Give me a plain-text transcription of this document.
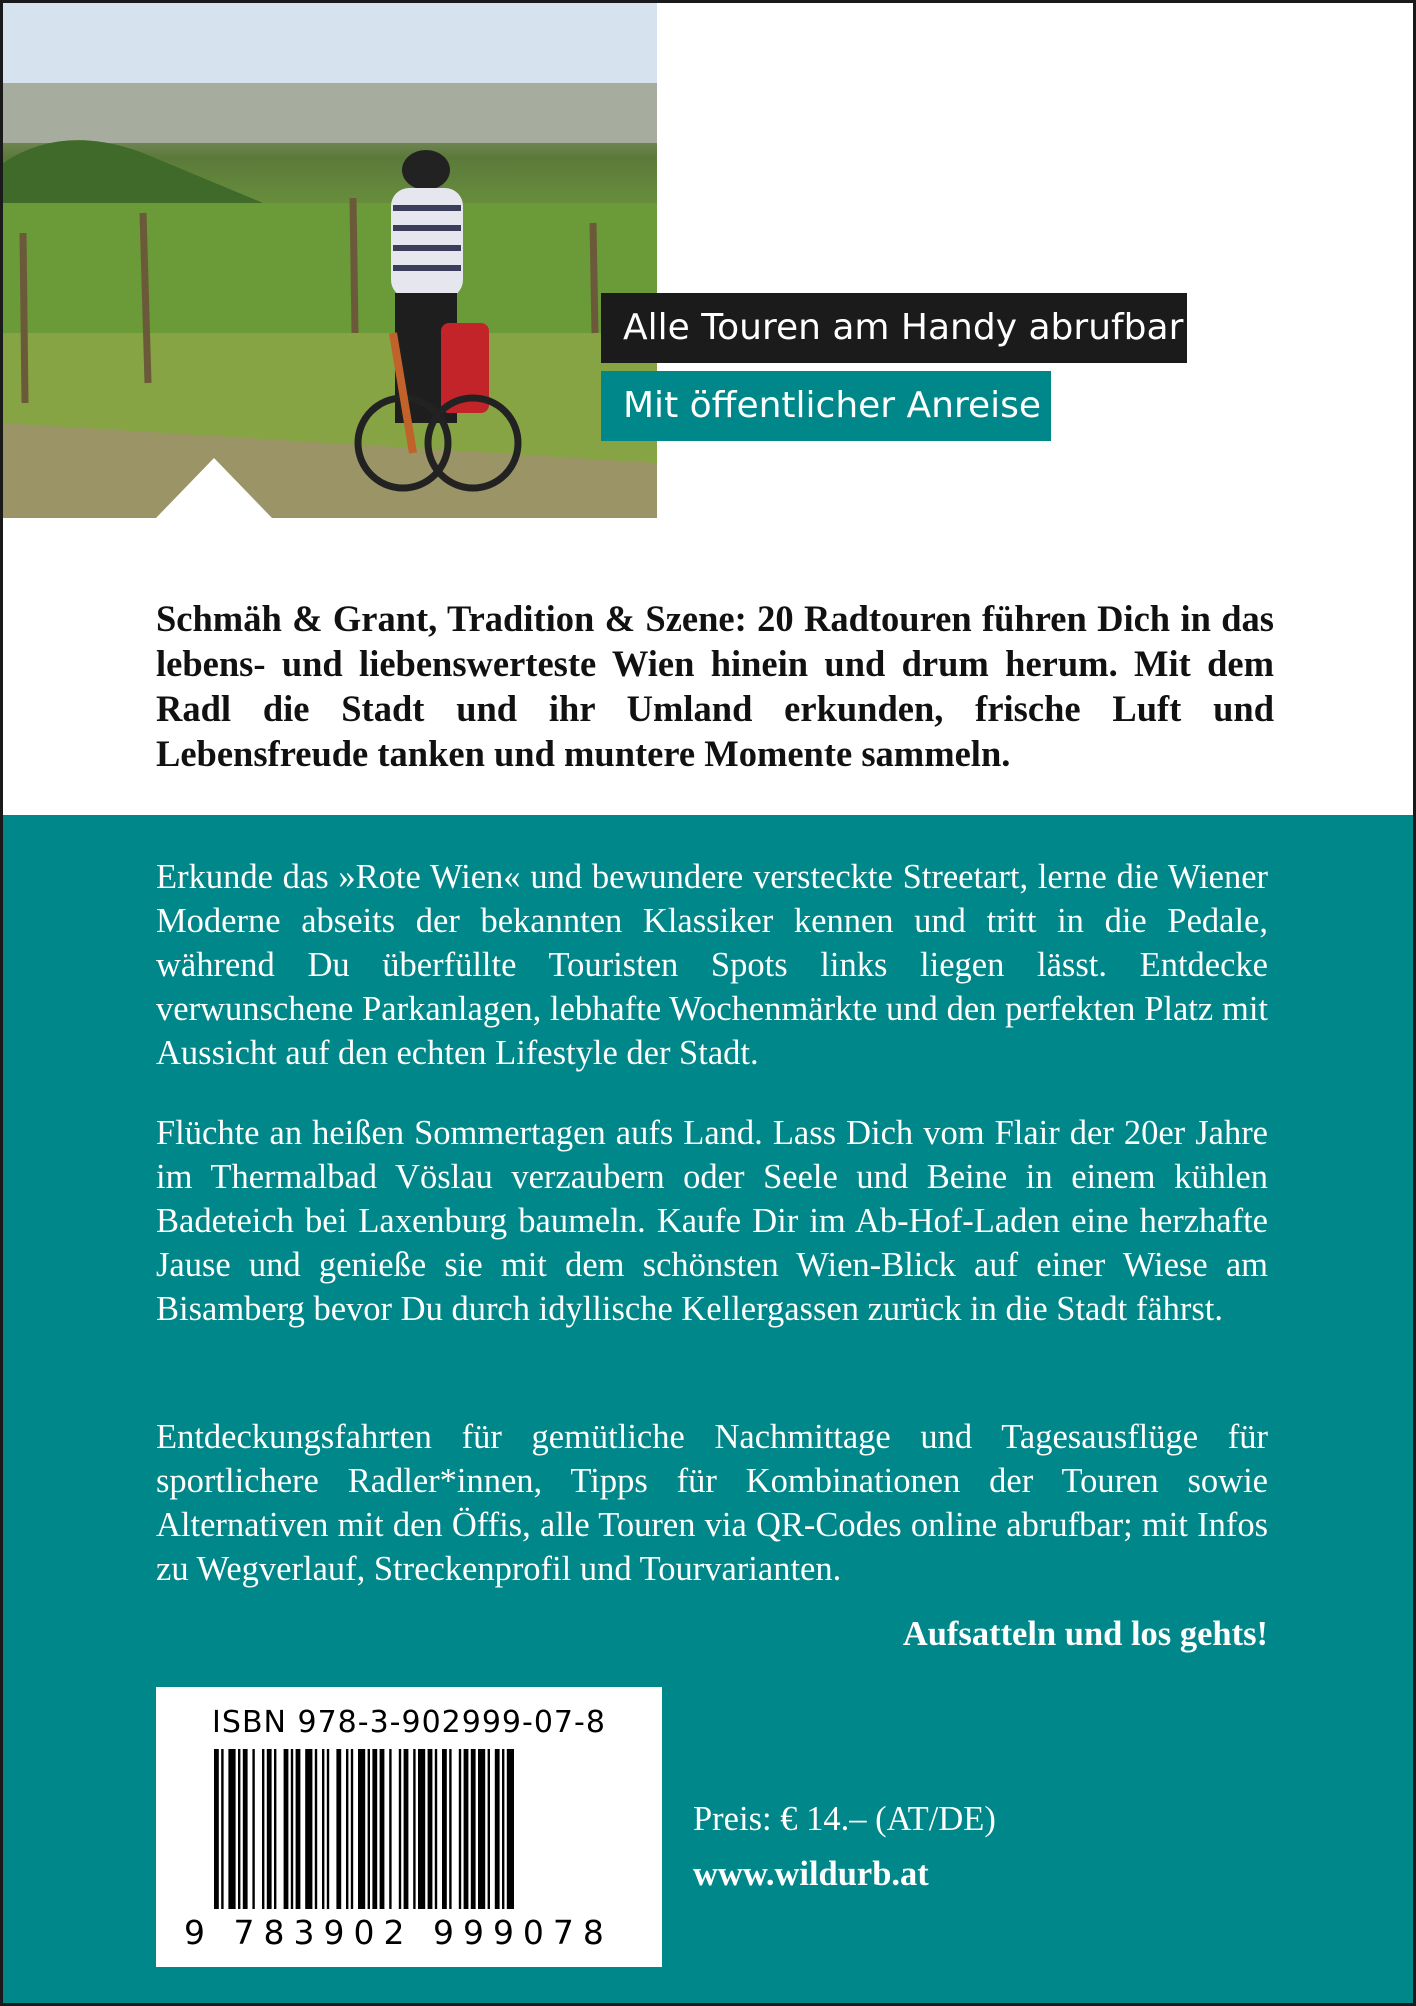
Alle Touren am Handy abrufbar
Mit öffentlicher Anreise

Schmäh & Grant, Tradition & Szene: 20 Radtouren führen Dich in das lebens- und liebenswerteste Wien hinein und drum herum. Mit dem Radl die Stadt und ihr Umland erkunden, frische Luft und Lebensfreude tanken und muntere Momente sammeln.

Erkunde das »Rote Wien« und bewundere versteckte Streetart, lerne die Wiener Moderne abseits der bekannten Klassiker kennen und tritt in die Pedale, während Du überfüllte Touristen Spots links liegen lässt. Entdecke verwunschene Parkanlagen, lebhafte Wochenmärkte und den perfekten Platz mit Aussicht auf den echten Lifestyle der Stadt.

Flüchte an heißen Sommertagen aufs Land. Lass Dich vom Flair der 20er Jahre im Thermalbad Vöslau verzaubern oder Seele und Beine in einem kühlen Badeteich bei Laxenburg baumeln. Kaufe Dir im Ab-Hof-Laden eine herzhafte Jause und genieße sie mit dem schönsten Wien-Blick auf einer Wiese am Bisamberg bevor Du durch idyllische Kellergassen zurück in die Stadt fährst.

Entdeckungsfahrten für gemütliche Nachmittage und Tagesausflüge für sportlichere Radler*innen, Tipps für Kombinationen der Touren sowie Alternativen mit den Öffis, alle Touren via QR-Codes online abrufbar; mit Infos zu Wegverlauf, Streckenprofil und Tourvarianten.

Aufsatteln und los gehts!

ISBN 978-3-902999-07-8
9 783902 999078

Preis: € 14.– (AT/DE)

www.wildurb.at
